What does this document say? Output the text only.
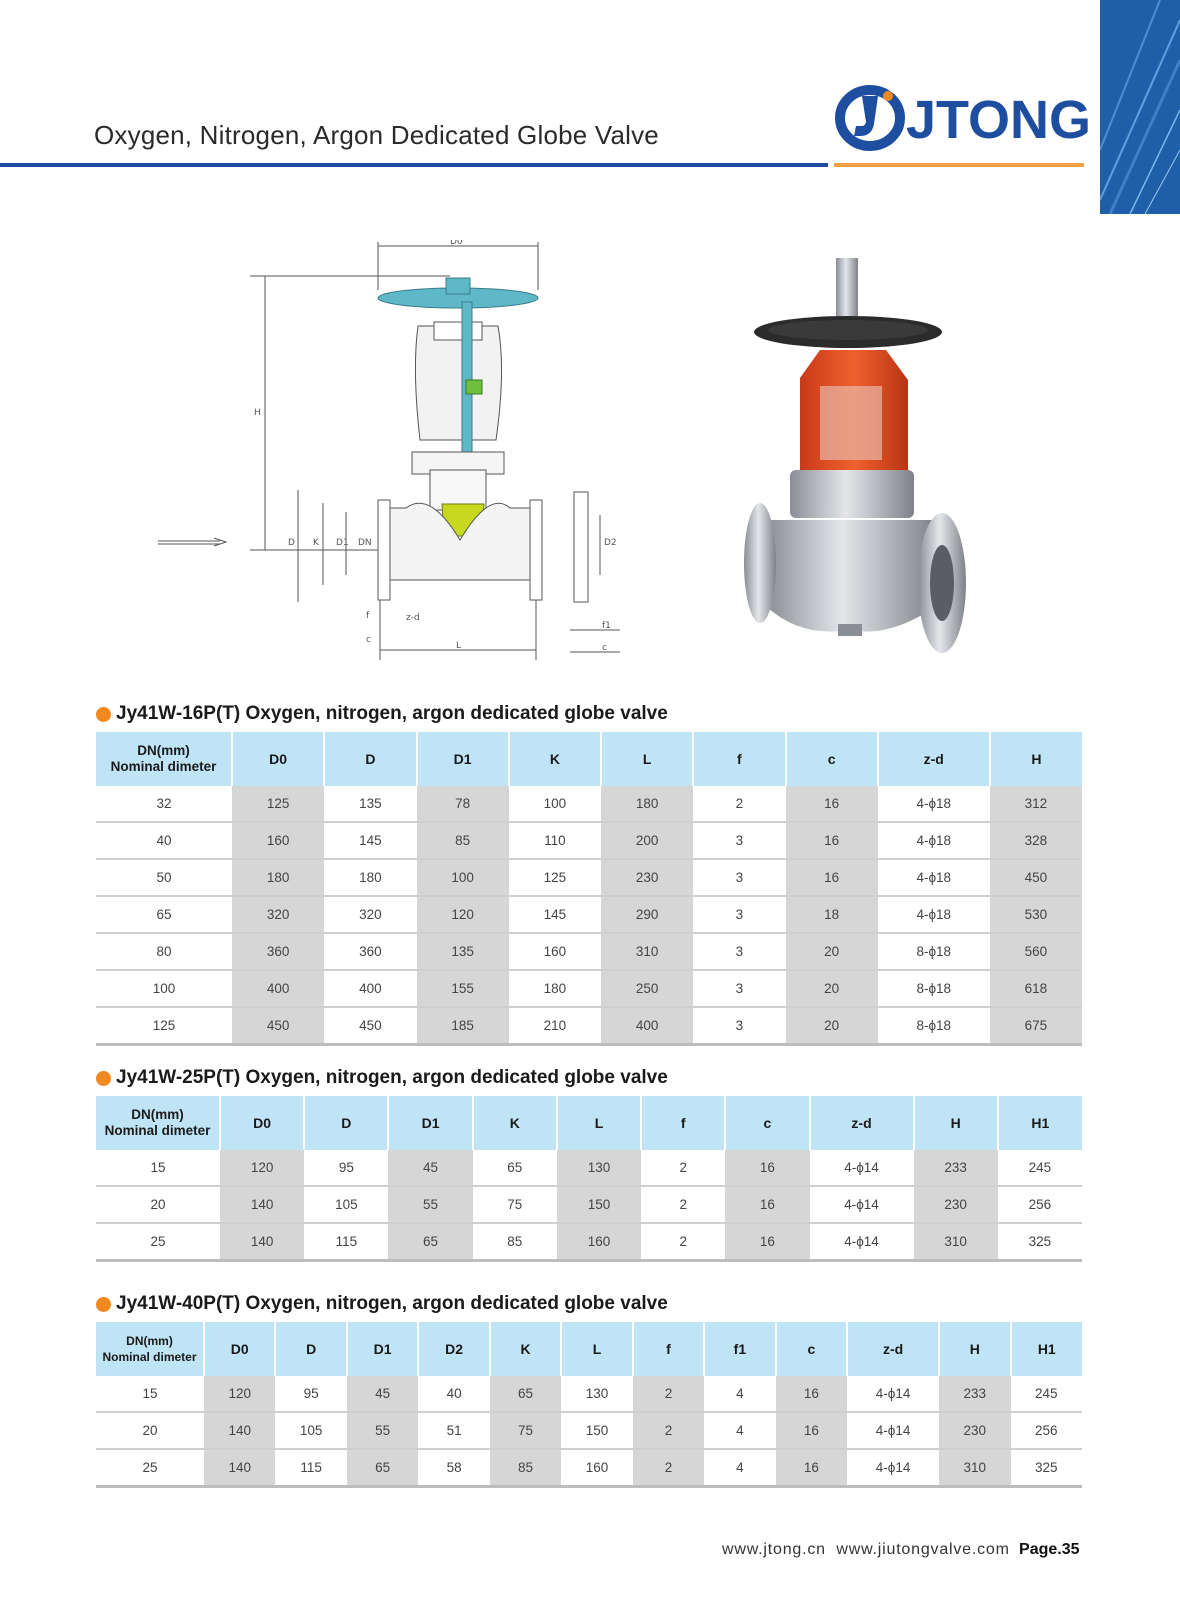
Oxygen, Nitrogen, Argon Dedicated Globe Valve	JTONG
D0
H
D K D1 DN
z-d
f
c
D2
f1
c
L
Jy41W-16P(T) Oxygen, nitrogen, argon dedicated globe valve
DN(mm)
Nominal dimeter	D0	D	D1	K	L	f	c	z-d	H
32	125	135	78	100	180	2	16	4-ϕ18	312
40	160	145	85	110	200	3	16	4-ϕ18	328
50	180	180	100	125	230	3	16	4-ϕ18	450
65	320	320	120	145	290	3	18	4-ϕ18	530
80	360	360	135	160	310	3	20	8-ϕ18	560
100	400	400	155	180	250	3	20	8-ϕ18	618
125	450	450	185	210	400	3	20	8-ϕ18	675
Jy41W-25P(T) Oxygen, nitrogen, argon dedicated globe valve
DN(mm)
Nominal dimeter	D0	D	D1	K	L	f	c	z-d	H	H1
15	120	95	45	65	130	2	16	4-ϕ14	233	245
20	140	105	55	75	150	2	16	4-ϕ14	230	256
25	140	115	65	85	160	2	16	4-ϕ14	310	325
Jy41W-40P(T) Oxygen, nitrogen, argon dedicated globe valve
DN(mm)
Nominal dimeter	D0	D	D1	D2	K	L	f	f1	c	z-d	H	H1
15	120	95	45	40	65	130	2	4	16	4-ϕ14	233	245
20	140	105	55	51	75	150	2	4	16	4-ϕ14	230	256
25	140	115	65	58	85	160	2	4	16	4-ϕ14	310	325
www.jtong.cn  www.jiutongvalve.com Page.35
